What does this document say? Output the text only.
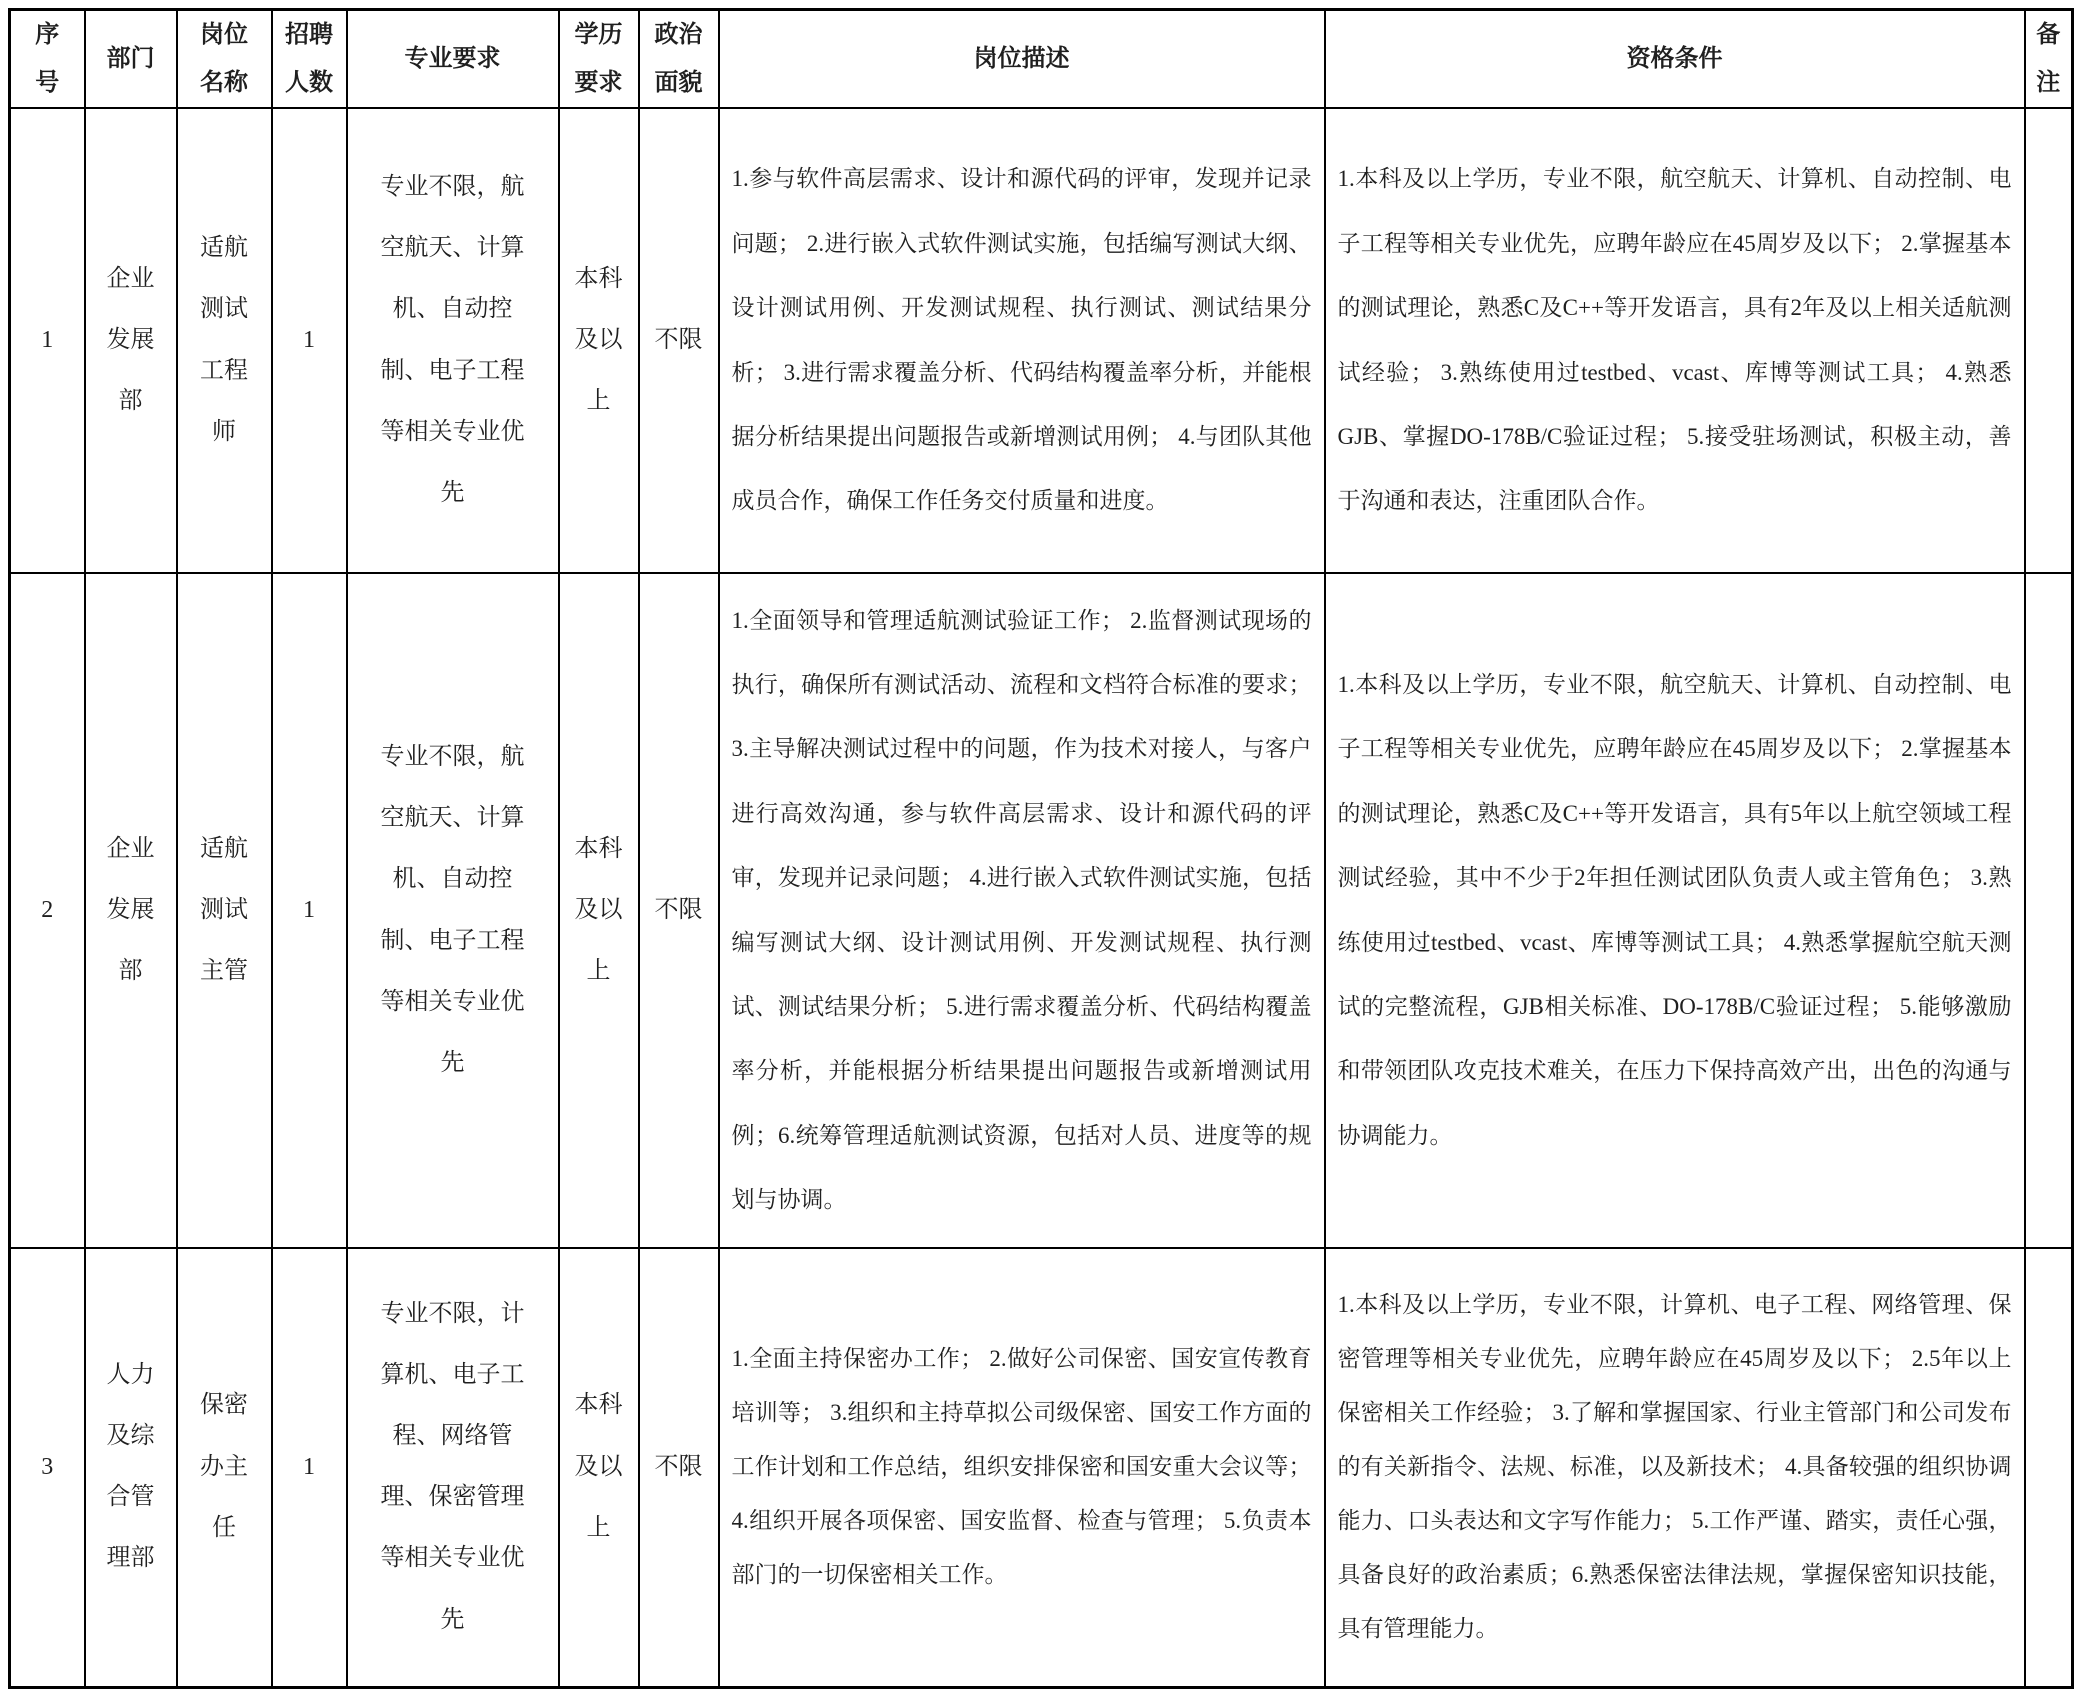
序号	部门	岗位名称	招聘人数	专业要求	学历要求	政治面貌	岗位描述	资格条件	备注
1	企业发展部	适航测试工程师	1	专业不限，航空航天、计算机、自动控制、电子工程等相关专业优先	本科及以上	不限	1.参与软件高层需求、设计和源代码的评审，发现并记录问题； 2.进行嵌入式软件测试实施，包括编写测试大纲、设计测试用例、开发测试规程、执行测试、测试结果分析； 3.进行需求覆盖分析、代码结构覆盖率分析，并能根据分析结果提出问题报告或新增测试用例； 4.与团队其他成员合作，确保工作任务交付质量和进度。	1.本科及以上学历，专业不限，航空航天、计算机、自动控制、电子工程等相关专业优先，应聘年龄应在45周岁及以下； 2.掌握基本的测试理论，熟悉C及C++等开发语言，具有2年及以上相关适航测试经验； 3.熟练使用过testbed、vcast、库博等测试工具； 4.熟悉GJB、掌握DO-178B/C验证过程； 5.接受驻场测试，积极主动，善于沟通和表达，注重团队合作。	
2	企业发展部	适航测试主管	1	专业不限，航空航天、计算机、自动控制、电子工程等相关专业优先	本科及以上	不限	1.全面领导和管理适航测试验证工作； 2.监督测试现场的执行，确保所有测试活动、流程和文档符合标准的要求； 3.主导解决测试过程中的问题，作为技术对接人，与客户进行高效沟通，参与软件高层需求、设计和源代码的评审，发现并记录问题； 4.进行嵌入式软件测试实施，包括编写测试大纲、设计测试用例、开发测试规程、执行测试、测试结果分析； 5.进行需求覆盖分析、代码结构覆盖率分析，并能根据分析结果提出问题报告或新增测试用例；6.统筹管理适航测试资源，包括对人员、进度等的规划与协调。	1.本科及以上学历，专业不限，航空航天、计算机、自动控制、电子工程等相关专业优先，应聘年龄应在45周岁及以下； 2.掌握基本的测试理论，熟悉C及C++等开发语言，具有5年以上航空领域工程测试经验，其中不少于2年担任测试团队负责人或主管角色； 3.熟练使用过testbed、vcast、库博等测试工具； 4.熟悉掌握航空航天测试的完整流程，GJB相关标准、DO-178B/C验证过程； 5.能够激励和带领团队攻克技术难关，在压力下保持高效产出，出色的沟通与协调能力。	
3	人力及综合管理部	保密办主任	1	专业不限，计算机、电子工程、网络管理、保密管理等相关专业优先	本科及以上	不限	1.全面主持保密办工作； 2.做好公司保密、国安宣传教育培训等； 3.组织和主持草拟公司级保密、国安工作方面的工作计划和工作总结，组织安排保密和国安重大会议等； 4.组织开展各项保密、国安监督、检查与管理； 5.负责本部门的一切保密相关工作。	1.本科及以上学历，专业不限，计算机、电子工程、网络管理、保密管理等相关专业优先，应聘年龄应在45周岁及以下； 2.5年以上保密相关工作经验； 3.了解和掌握国家、行业主管部门和公司发布的有关新指令、法规、标准，以及新技术； 4.具备较强的组织协调能力、口头表达和文字写作能力； 5.工作严谨、踏实，责任心强，具备良好的政治素质；6.熟悉保密法律法规，掌握保密知识技能，具有管理能力。	
